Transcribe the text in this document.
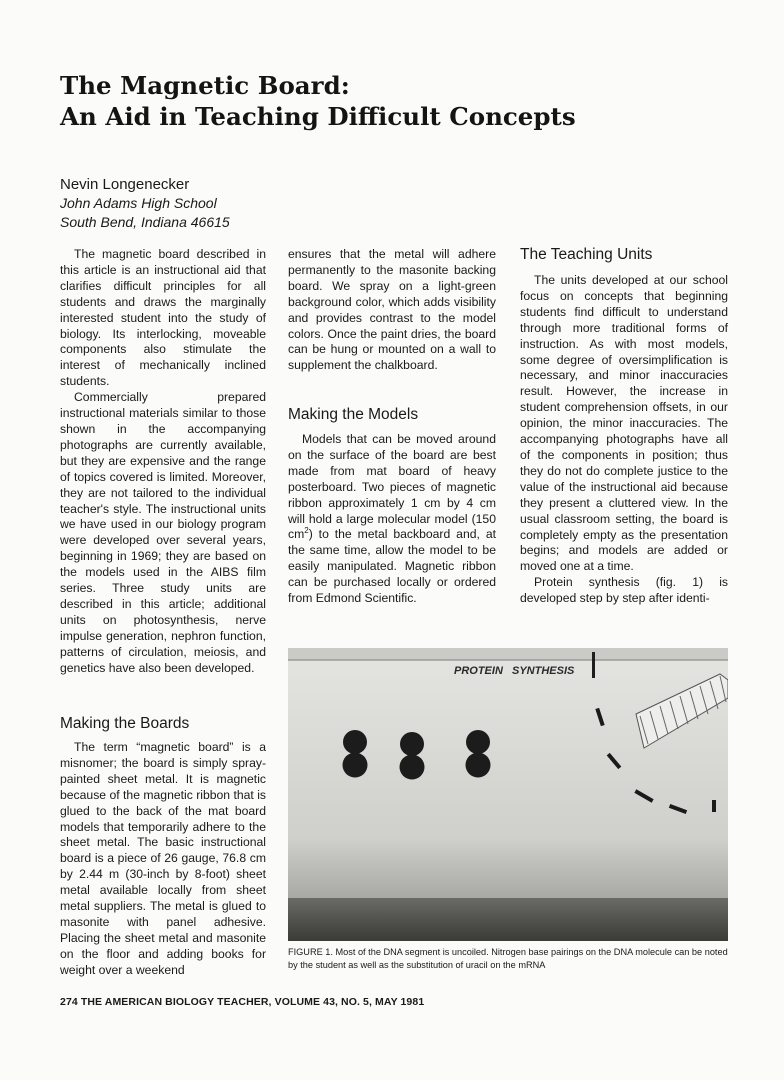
The Magnetic Board:
An Aid in Teaching Difficult Concepts
Nevin Longenecker
John Adams High School
South Bend, Indiana 46615

The magnetic board described in this article is an instructional aid that clarifies difficult principles for all students and draws the marginally interested student into the study of biology. Its interlocking, moveable components also stimulate the interest of mechanically inclined students.

Commercially prepared instructional materials similar to those shown in the accompanying photographs are currently available, but they are expensive and the range of topics covered is limited. Moreover, they are not tailored to the individual teacher's style. The instructional units we have used in our biology program were developed over several years, beginning in 1969; they are based on the models used in the AIBS film series. Three study units are described in this article; additional units on photosynthesis, nerve impulse generation, nephron function, patterns of circulation, meiosis, and genetics have also been developed.

Making the Boards

The term “magnetic board” is a misnomer; the board is simply spray-painted sheet metal. It is magnetic because of the magnetic ribbon that is glued to the back of the mat board models that temporarily adhere to the sheet metal. The basic instructional board is a piece of 26 gauge, 76.8 cm by 2.44 m (30-inch by 8-foot) sheet metal available locally from sheet metal suppliers. The metal is glued to masonite with panel adhesive. Placing the sheet metal and masonite on the floor and adding books for weight over a weekend

ensures that the metal will adhere permanently to the masonite backing board. We spray on a light-green background color, which adds visibility and provides contrast to the model colors. Once the paint dries, the board can be hung or mounted on a wall to supplement the chalkboard.

Making the Models

Models that can be moved around on the surface of the board are best made from mat board of heavy posterboard. Two pieces of magnetic ribbon approximately 1 cm by 4 cm will hold a large molecular model (150 $cm^2$) to the metal backboard and, at the same time, allow the model to be easily manipulated. Magnetic ribbon can be purchased locally or ordered from Edmond Scientific.

The Teaching Units

The units developed at our school focus on concepts that beginning students find difficult to understand through more traditional forms of instruction. As with most models, some degree of oversimplification is necessary, and minor inaccuracies result. However, the increase in student comprehension offsets, in our opinion, the minor inaccuracies. The accompanying photographs have all of the components in position; thus they do not do complete justice to the value of the instructional aid because they present a cluttered view. In the usual classroom setting, the board is completely empty as the presentation begins; and models are added or moved one at a time.

Protein synthesis (fig. 1) is developed step by step after identi-

PROTEIN SYNTHESIS
FIGURE 1. Most of the DNA segment is uncoiled. Nitrogen base pairings on the DNA molecule can be noted by the student as well as the substitution of uracil on the mRNA
274 THE AMERICAN BIOLOGY TEACHER, VOLUME 43, NO. 5, MAY 1981
